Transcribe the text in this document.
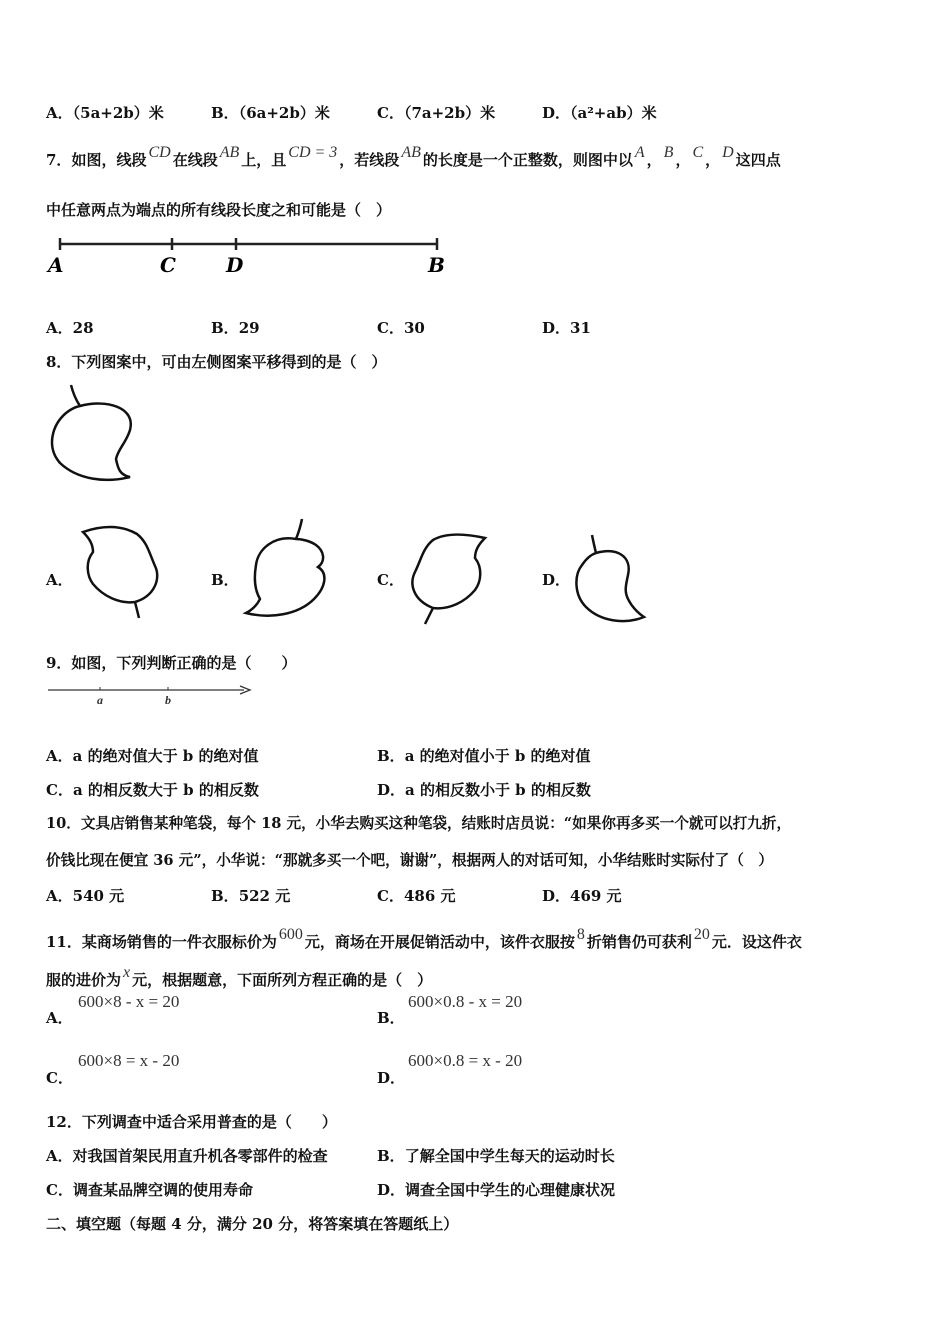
A．（5a+2b）米	B．（6a+2b）米	C．（7a+2b）米	D．（a²+ab）米
7．如图，线段 CD 在线段 AB 上，且 CD = 3 ，若线段 AB 的长度是一个正整数，则图中以 A ， B ， C ， D 这四点
中任意两点为端点的所有线段长度之和可能是（　）
A	C	D	B
A．28	B．29	C．30	D．31
8．下列图案中，可由左侧图案平移得到的是（　）
A．	B．	C．	D．
9．如图，下列判断正确的是（　　）
a	b
A．a 的绝对值大于 b 的绝对值	B．a 的绝对值小于 b 的绝对值
C．a 的相反数大于 b 的相反数	D．a 的相反数小于 b 的相反数
10．文具店销售某种笔袋，每个 18 元，小华去购买这种笔袋，结账时店员说：“如果你再多买一个就可以打九折，
价钱比现在便宜 36 元”，小华说：“那就多买一个吧，谢谢”，根据两人的对话可知，小华结账时实际付了（　）
A．540 元	B．522 元	C．486 元	D．469 元
11．某商场销售的一件衣服标价为 600 元，商场在开展促销活动中，该件衣服按 8 折销售仍可获利 20 元．设这件衣
服的进价为 x 元，根据题意，下面所列方程正确的是（　）
A．
600×8 - x = 20
B．
600×0.8 - x = 20
C．
600×8 = x - 20
D．
600×0.8 = x - 20
12．下列调查中适合采用普查的是（　　）
A．对我国首架民用直升机各零部件的检查	B．了解全国中学生每天的运动时长
C．调查某品牌空调的使用寿命	D．调查全国中学生的心理健康状况
二、填空题（每题 4 分，满分 20 分，将答案填在答题纸上）
